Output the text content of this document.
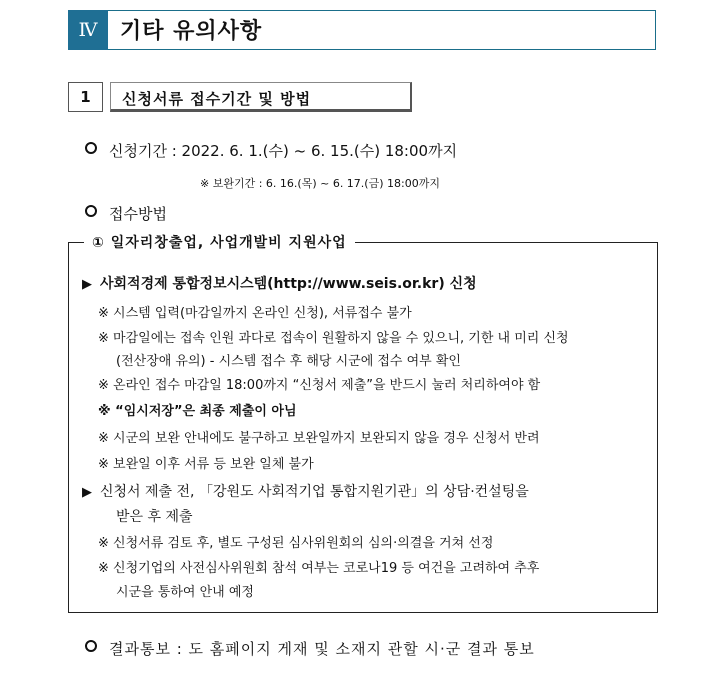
Ⅳ	기타 유의사항
1	신청서류 접수기간 및 방법
신청기간 : 2022. 6. 1.(수) ~ 6. 15.(수) 18:00까지
※ 보완기간 : 6. 16.(목) ~ 6. 17.(금) 18:00까지
접수방법
① 일자리창출업, 사업개발비 지원사업
▶ 사회적경제 통합정보시스템(http://www.seis.or.kr) 신청
※ 시스템 입력(마감일까지 온라인 신청), 서류접수 불가
※ 마감일에는 접속 인원 과다로 접속이 원활하지 않을 수 있으니, 기한 내 미리 신청
(전산장애 유의) - 시스템 접수 후 해당 시군에 접수 여부 확인
※ 온라인 접수 마감일 18:00까지 “신청서 제출”을 반드시 눌러 처리하여야 함
※ “임시저장”은 최종 제출이 아님
※ 시군의 보완 안내에도 불구하고 보완일까지 보완되지 않을 경우 신청서 반려
※ 보완일 이후 서류 등 보완 일체 불가
▶ 신청서 제출 전, 「강원도 사회적기업 통합지원기관」의 상담·컨설팅을
받은 후 제출
※ 신청서류 검토 후, 별도 구성된 심사위원회의 심의·의결을 거쳐 선정
※ 신청기업의 사전심사위원회 참석 여부는 코로나19 등 여건을 고려하여 추후
시군을 통하여 안내 예정
결과통보 : 도 홈페이지 게재 및 소재지 관할 시·군 결과 통보
